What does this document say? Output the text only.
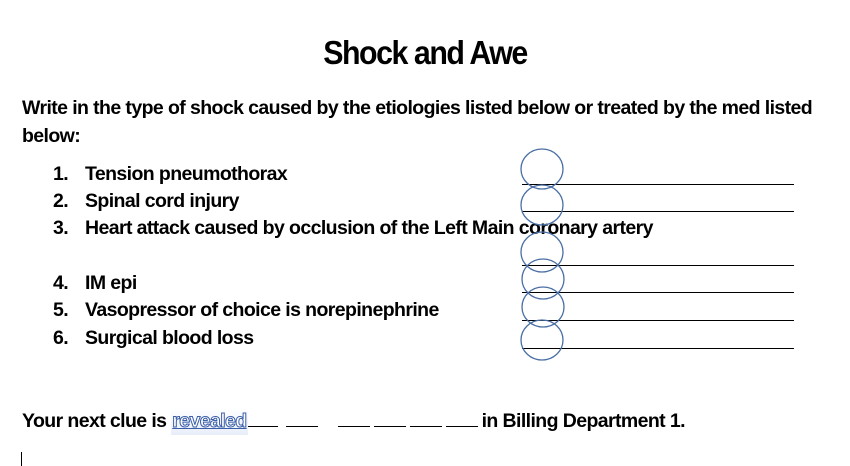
Shock and Awe
Write in the type of shock caused by the etiologies listed below or treated by the med listed below:
1. Tension pneumothorax
2. Spinal cord injury
3. Heart attack caused by occlusion of the Left Main coronary artery
4. IM epi
5. Vasopressor of choice is norepinephrine
6. Surgical blood loss
Your next clue is revealed	in Billing Department 1.
